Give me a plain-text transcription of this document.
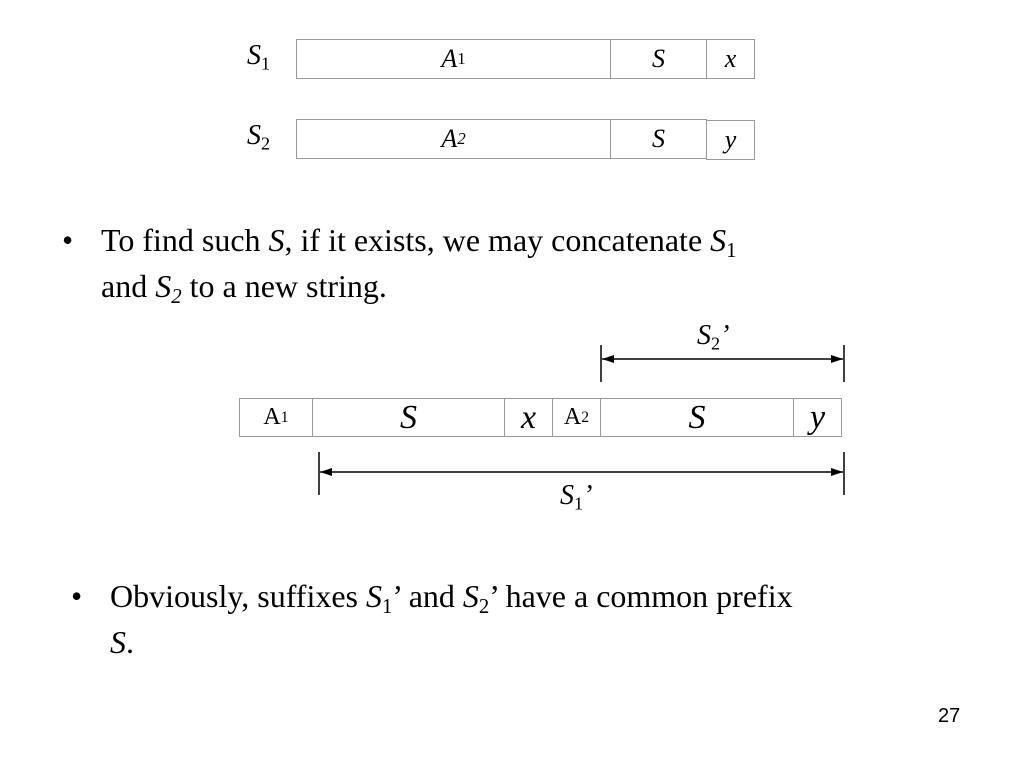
$S_1$	A 1	S	x
$S_2$	A 2	S	y
• To find such S, if it exists, we may concatenate $S_1$
and $S_2$ to a new string.
$S_2$’
A 1	S	x	A 2	S	y
$S_1$’
• Obviously, suffixes $S_1$’ and $S_2$’ have a common prefix
S.
27
